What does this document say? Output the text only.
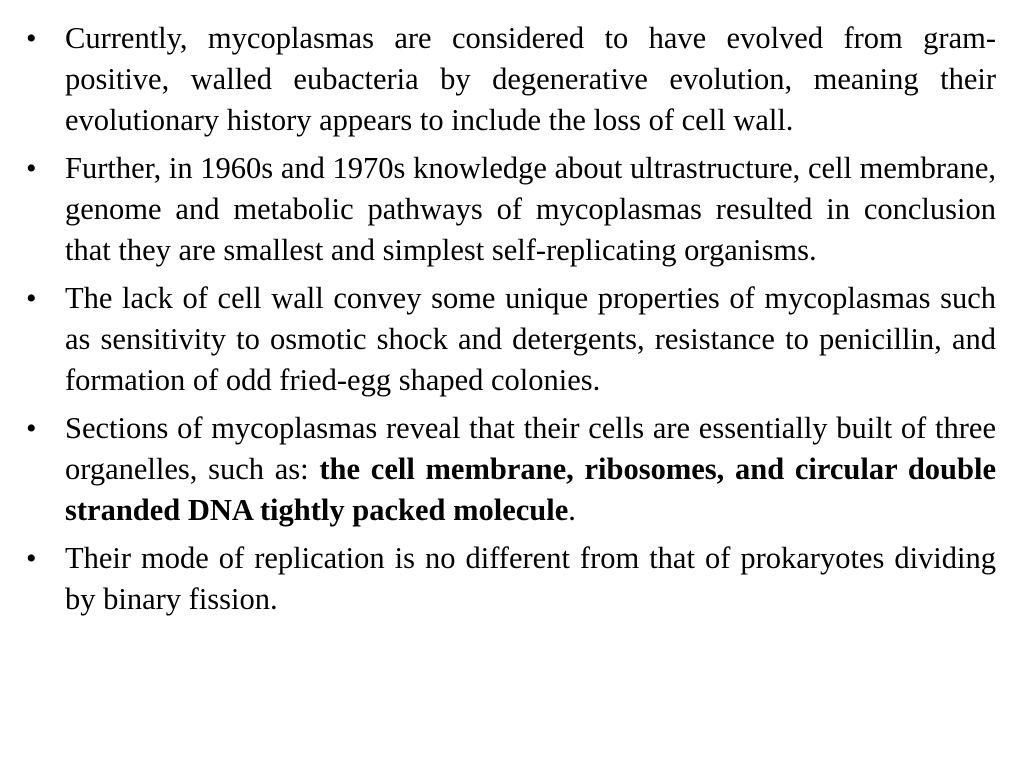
• Currently, mycoplasmas are considered to have evolved from gram-positive, walled eubacteria by degenerative evolution, meaning their evolutionary history appears to include the loss of cell wall.
• Further, in 1960s and 1970s knowledge about ultrastructure, cell membrane, genome and metabolic pathways of mycoplasmas resulted in conclusion that they are smallest and simplest self-replicating organisms.
• The lack of cell wall convey some unique properties of mycoplasmas such as sensitivity to osmotic shock and detergents, resistance to penicillin, and formation of odd fried-egg shaped colonies.
• Sections of mycoplasmas reveal that their cells are essentially built of three organelles, such as: the cell membrane, ribosomes, and circular double stranded DNA tightly packed molecule.
• Their mode of replication is no different from that of prokaryotes dividing by binary fission.
